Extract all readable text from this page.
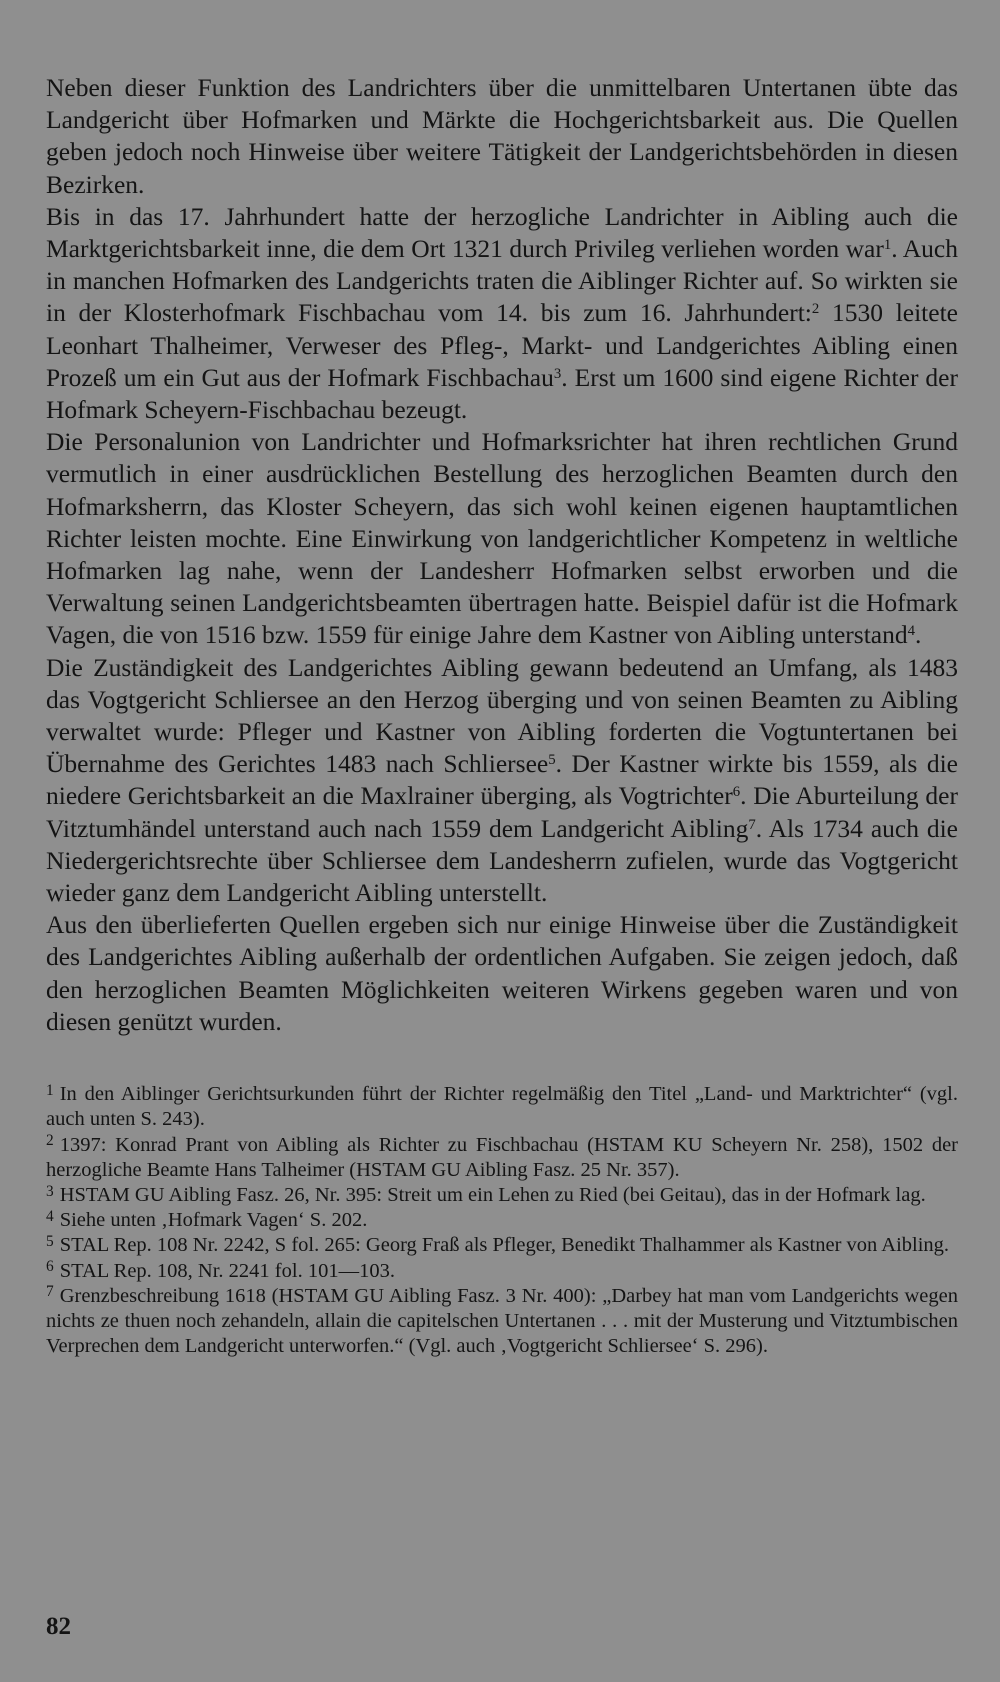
Neben dieser Funktion des Landrichters über die unmittelbaren Untertanen übte das Landgericht über Hofmarken und Märkte die Hochgerichtsbarkeit aus. Die Quellen geben jedoch noch Hinweise über weitere Tätigkeit der Landgerichtsbehörden in diesen Bezirken.

Bis in das 17. Jahrhundert hatte der herzogliche Landrichter in Aibling auch die Marktgerichtsbarkeit inne, die dem Ort 1321 durch Privileg verliehen worden war$^1$. Auch in manchen Hofmarken des Landgerichts traten die Aiblinger Richter auf. So wirkten sie in der Klosterhofmark Fischbachau vom 14. bis zum 16. Jahrhundert:$^2$ 1530 leitete Leonhart Thalheimer, Verweser des Pfleg-, Markt- und Landgerichtes Aibling einen Prozeß um ein Gut aus der Hofmark Fischbachau$^3$. Erst um 1600 sind eigene Richter der Hofmark Scheyern-Fischbachau bezeugt.

Die Personalunion von Landrichter und Hofmarksrichter hat ihren rechtlichen Grund vermutlich in einer ausdrücklichen Bestellung des herzoglichen Beamten durch den Hofmarksherrn, das Kloster Scheyern, das sich wohl keinen eigenen hauptamtlichen Richter leisten mochte. Eine Einwirkung von landgerichtlicher Kompetenz in weltliche Hofmarken lag nahe, wenn der Landesherr Hofmarken selbst erworben und die Verwaltung seinen Landgerichtsbeamten übertragen hatte. Beispiel dafür ist die Hofmark Vagen, die von 1516 bzw. 1559 für einige Jahre dem Kastner von Aibling unterstand$^4$.

Die Zuständigkeit des Landgerichtes Aibling gewann bedeutend an Umfang, als 1483 das Vogtgericht Schliersee an den Herzog überging und von seinen Beamten zu Aibling verwaltet wurde: Pfleger und Kastner von Aibling forderten die Vogtuntertanen bei Übernahme des Gerichtes 1483 nach Schliersee$^5$. Der Kastner wirkte bis 1559, als die niedere Gerichtsbarkeit an die Maxlrainer überging, als Vogtrichter$^6$. Die Aburteilung der Vitztumhändel unterstand auch nach 1559 dem Landgericht Aibling$^7$. Als 1734 auch die Niedergerichtsrechte über Schliersee dem Landesherrn zufielen, wurde das Vogtgericht wieder ganz dem Landgericht Aibling unterstellt.

Aus den überlieferten Quellen ergeben sich nur einige Hinweise über die Zuständigkeit des Landgerichtes Aibling außerhalb der ordentlichen Aufgaben. Sie zeigen jedoch, daß den herzoglichen Beamten Möglichkeiten weiteren Wirkens gegeben waren und von diesen genützt wurden.

$^1$ In den Aiblinger Gerichtsurkunden führt der Richter regelmäßig den Titel „Land- und Marktrichter“ (vgl. auch unten S. 243).

$^2$ 1397: Konrad Prant von Aibling als Richter zu Fischbachau (HSTAM KU Scheyern Nr. 258), 1502 der herzogliche Beamte Hans Talheimer (HSTAM GU Aibling Fasz. 25 Nr. 357).

$^3$ HSTAM GU Aibling Fasz. 26, Nr. 395: Streit um ein Lehen zu Ried (bei Geitau), das in der Hofmark lag.

$^4$ Siehe unten ‚Hofmark Vagen‘ S. 202.

$^5$ STAL Rep. 108 Nr. 2242, S fol. 265: Georg Fraß als Pfleger, Benedikt Thalhammer als Kastner von Aibling.

$^6$ STAL Rep. 108, Nr. 2241 fol. 101—103.

$^7$ Grenzbeschreibung 1618 (HSTAM GU Aibling Fasz. 3 Nr. 400): „Darbey hat man vom Landgerichts wegen nichts ze thuen noch zehandeln, allain die capitelschen Untertanen . . . mit der Musterung und Vitztumbischen Verprechen dem Landgericht unterworfen.“ (Vgl. auch ‚Vogtgericht Schliersee‘ S. 296).

82
